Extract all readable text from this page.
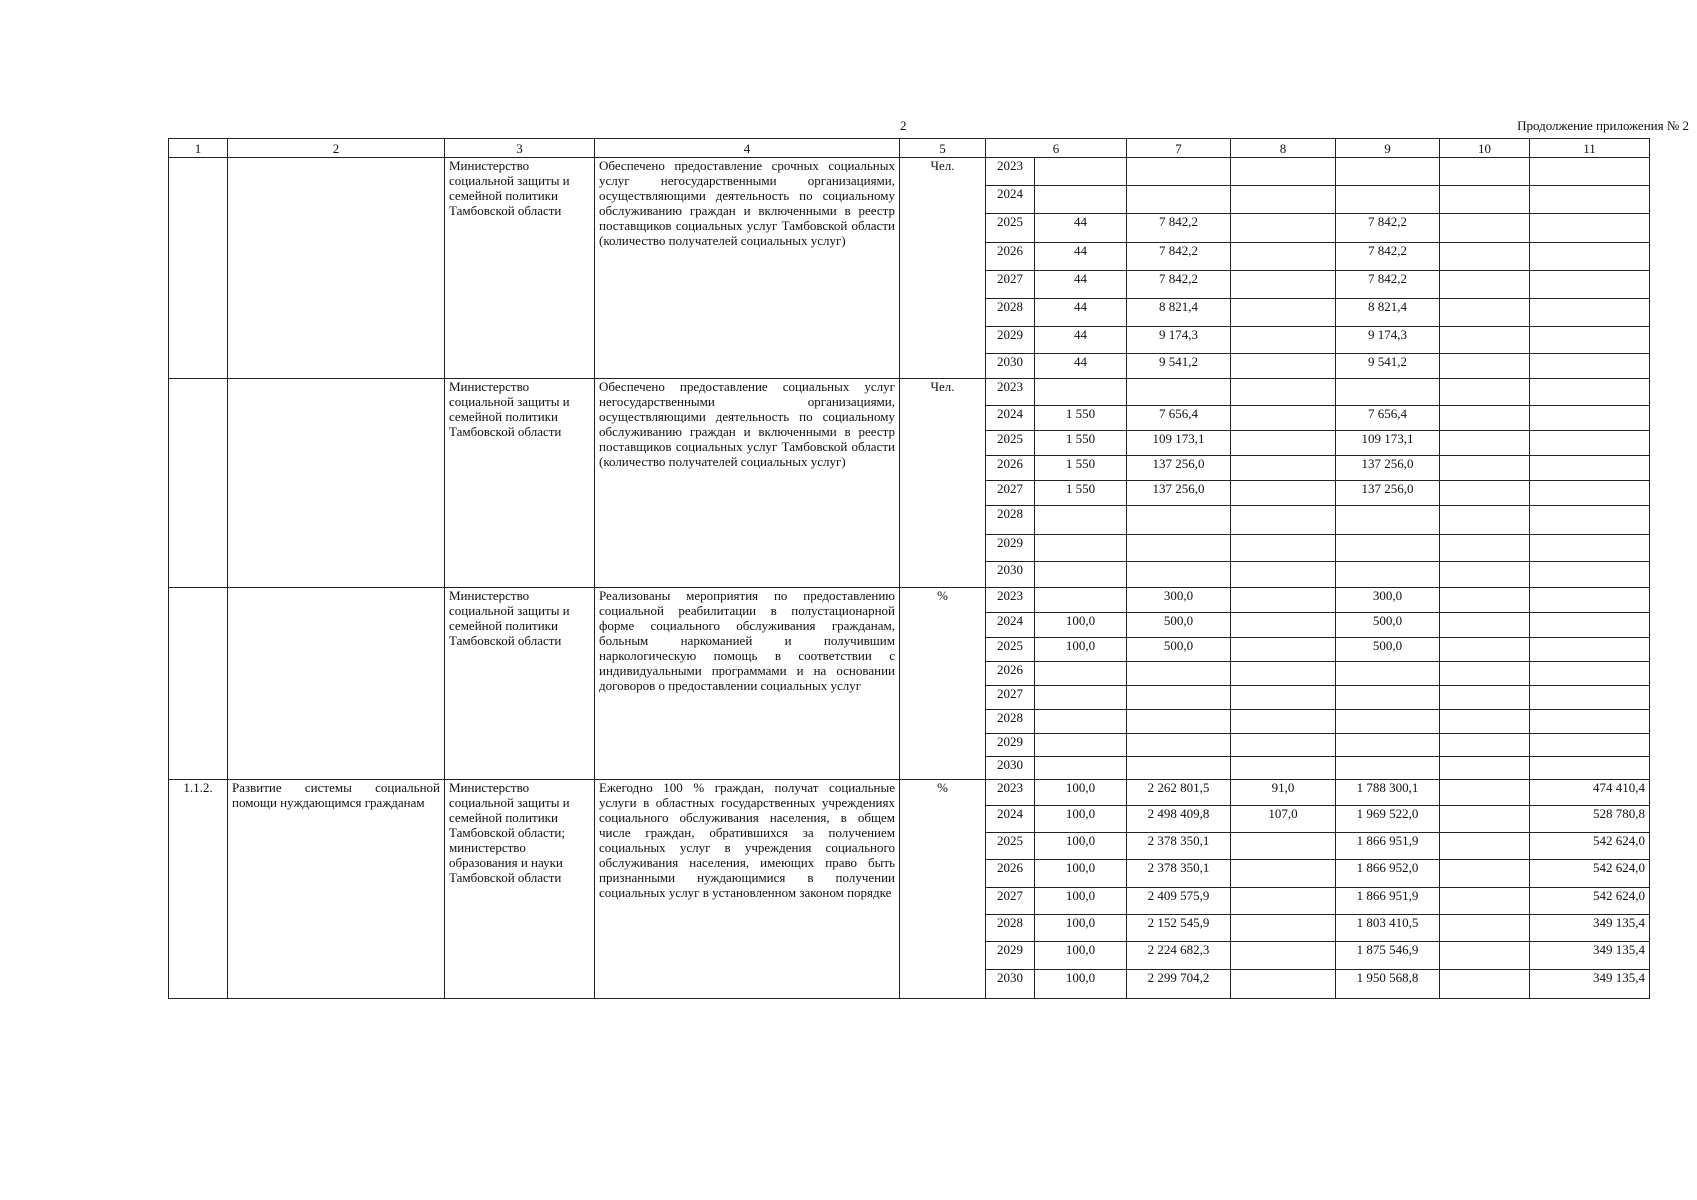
2	Продолжение приложения № 2
1	2	3	4	5	6		7	8	9	10	11
		Министерство социальной защиты и семейной политики Тамбовской области	Обеспечено предоставление срочных социальных услуг негосударственными организациями, осуществляющими деятельность по социальному обслуживанию граждан и включенными в реестр поставщиков социальных услуг Тамбовской области (количество получателей социальных услуг)	Чел.	2023						
					2024						
					2025	44	7 842,2		7 842,2		
					2026	44	7 842,2		7 842,2		
					2027	44	7 842,2		7 842,2		
					2028	44	8 821,4		8 821,4		
					2029	44	9 174,3		9 174,3		
					2030	44	9 541,2		9 541,2		
		Министерство социальной защиты и семейной политики Тамбовской области	Обеспечено предоставление социальных услуг негосударственными организациями, осуществляющими деятельность по социальному обслуживанию граждан и включенными в реестр поставщиков социальных услуг Тамбовской области (количество получателей социальных услуг)	Чел.	2023						
					2024	1 550	7 656,4		7 656,4		
					2025	1 550	109 173,1		109 173,1		
					2026	1 550	137 256,0		137 256,0		
					2027	1 550	137 256,0		137 256,0		
					2028						
					2029						
					2030						
		Министерство социальной защиты и семейной политики Тамбовской области	Реализованы мероприятия по предоставлению социальной реабилитации в полустационарной форме социального обслуживания гражданам, больным наркоманией и получившим наркологическую помощь в соответствии с индивидуальными программами и на основании договоров о предоставлении социальных услуг	%	2023		300,0		300,0		
					2024	100,0	500,0		500,0		
					2025	100,0	500,0		500,0		
					2026						
					2027						
					2028						
					2029						
					2030						
1.1.2.	Развитие системы социальной помощи нуждающимся гражданам	Министерство социальной защиты и семейной политики Тамбовской области; министерство образования и науки Тамбовской области	Ежегодно 100 % граждан, получат социальные услуги в областных государственных учреждениях социального обслуживания населения, в общем числе граждан, обратившихся за получением социальных услуг в учреждения социального обслуживания населения, имеющих право быть признанными нуждающимися в получении социальных услуг в установленном законом порядке	%	2023	100,0	2 262 801,5	91,0	1 788 300,1		474 410,4
					2024	100,0	2 498 409,8	107,0	1 969 522,0		528 780,8
					2025	100,0	2 378 350,1		1 866 951,9		542 624,0
					2026	100,0	2 378 350,1		1 866 952,0		542 624,0
					2027	100,0	2 409 575,9		1 866 951,9		542 624,0
					2028	100,0	2 152 545,9		1 803 410,5		349 135,4
					2029	100,0	2 224 682,3		1 875 546,9		349 135,4
					2030	100,0	2 299 704,2		1 950 568,8		349 135,4
